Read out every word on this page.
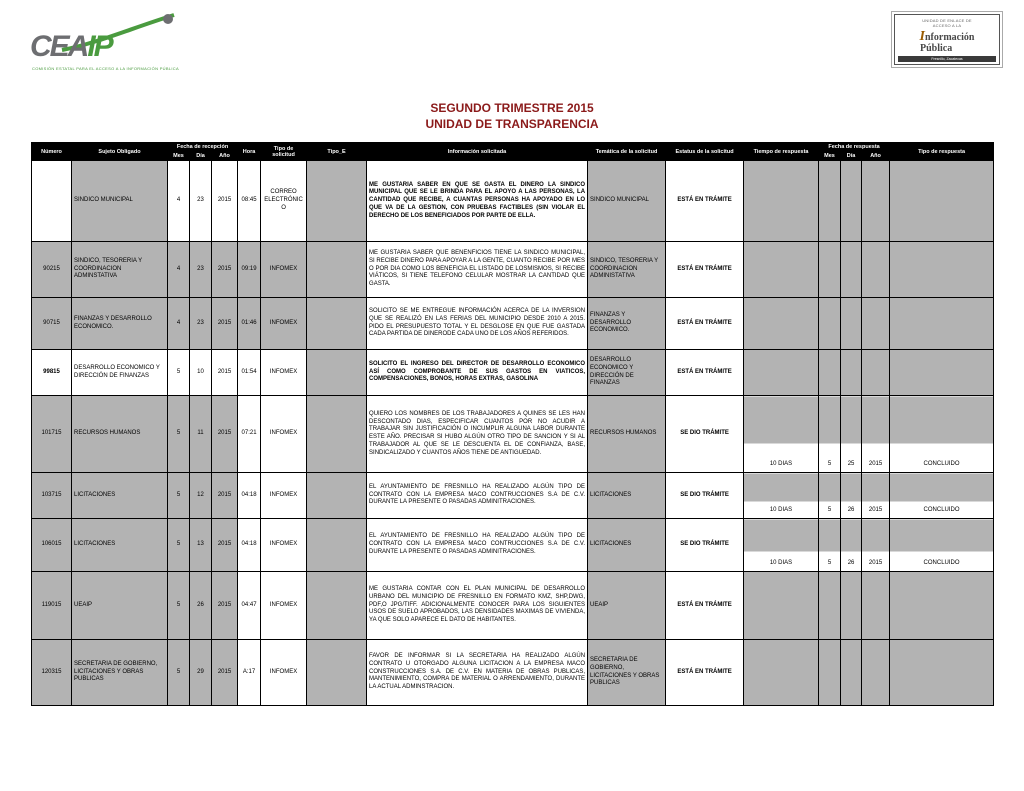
CEAIP
COMISIÓN ESTATAL PARA EL ACCESO A LA INFORMACIÓN PÚBLICA
UNIDAD DE ENLACE DE
ACCESO A LA
Información
Pública
Fresnillo, Zacatecas
SEGUNDO TRIMESTRE 2015
UNIDAD DE TRANSPARENCIA
Número	Sujeto Obligado	Fecha de recepción			Hora	Tipo de solicitud	Tipo_E	Información solicitada	Temática de la solicitud	Estatus de la solicitud	Tiempo de respuesta	Fecha de respuesta			Tipo de respuesta
		Mes	Día	Año								Mes	Día	Año	
	SINDICO MUNICIPAL	4	23	2015	08:45	CORREO ELECTRÓNICO		ME GUSTARIA SABER EN QUE SE GASTA EL DINERO LA SINDICO MUNICIPAL QUE SE LE BRINDA PARA EL APOYO A LAS PERSONAS, LA CANTIDAD QUE RECIBE, A CUANTAS PERSONAS HA APOYADO EN LO QUE VA DE LA GESTION, CON PRUEBAS FACTIBLES (SIN VIOLAR EL DERECHO DE LOS BENEFICIADOS POR PARTE DE ELLA.	SINDICO MUNICIPAL	ESTÁ EN TRÁMITE					
90215	SINDICO, TESORERIA Y COORDINACION ADMINSTATIVA	4	23	2015	09:19	INFOMEX		ME GUSTARIA SABER QUE BENENFICIOS TIENE LA SINDICO MUNICIPAL, SI RECIBE DINERO PARA APOYAR A LA GENTE, CUANTO RECIBE POR MES O POR DIA COMO LOS BENEFICIA EL LISTADO DE LOSMISMOS, SI RECIBE VIÁTICOS, SI TIENE TELEFONO CELULAR MOSTRAR LA CANTIDAD QUE GASTA.	SINDICO, TESORERIA Y COORDINACION ADMINISTATIVA	ESTÁ EN TRÁMITE					
90715	FINANZAS Y DESARROLLO ECONOMICO.	4	23	2015	01:46	INFOMEX		SOLICITO SE ME ENTREGUE INFORMACIÓN ACERCA DE LA INVERSION QUE SE REALIZÓ EN LAS FERIAS DEL MUNICIPIO DESDE 2010 A 2015. PIDO EL PRESUPUESTO TOTAL Y EL DESGLOSE EN QUE FUE GASTADA CADA PARTIDA DE DINERODE CADA UNO DE LOS AÑOS REFERIDOS.	FINANZAS Y DESARROLLO ECONOMICO.	ESTÁ EN TRÁMITE					
99815	DESARROLLO ECONOMICO Y DIRECCIÓN DE FINANZAS	5	10	2015	01:54	INFOMEX		SOLICITO EL INGRESO DEL DIRECTOR DE DESARROLLO ECONOMICO ASÍ COMO COMPROBANTE DE SUS GASTOS EN VIATICOS, COMPENSACIONES, BONOS, HORAS EXTRAS, GASOLINA	DESARROLLO ECONOMICO Y DIRECCIÓN DE FINANZAS	ESTÁ EN TRÁMITE					
101715	RECURSOS HUMANOS	5	11	2015	07:21	INFOMEX		QUIERO LOS NOMBRES DE LOS TRABAJADORES A QUINES SE LES HAN DESCONTADO DIAS, ESPECIFICAR CUANTOS POR NO ACUDIR A TRABAJAR SIN JUSTIFICACIÓN O INCUMPLIR ALGUNA LABOR DURANTE ESTE AÑO. PRECISAR SI HUBO ALGÚN OTRO TIPO DE SANCION Y SI AL TRABAJADOR AL QUE SE LE DESCUENTA EL DE CONFIANZA, BASE, SINDICALIZADO Y CUANTOS AÑOS TIENE DE ANTIGUEDAD.	RECURSOS HUMANOS	SE DIO TRÁMITE	10 DIAS	5	25	2015	CONCLUIDO
103715	LICITACIONES	5	12	2015	04:18	INFOMEX		EL AYUNTAMIENTO DE FRESNILLO HA REALIZADO ALGÚN TIPO DE CONTRATO CON LA EMPRESA MACO CONTRUCCIONES S.A DE C.V. DURANTE LA PRESENTE O PASADAS ADMINITRACIONES.	LICITACIONES	SE DIO TRÁMITE	10 DIAS	5	26	2015	CONCLUIDO
106015	LICITACIONES	5	13	2015	04:18	INFOMEX		EL AYUNTAMIENTO DE FRESNILLO HA REALIZADO ALGÚN TIPO DE CONTRATO CON LA EMPRESA MACO CONTRUCCIONES S.A DE C.V. DURANTE LA PRESENTE O PASADAS ADMINITRACIONES.	LICITACIONES	SE DIO TRÁMITE	10 DIAS	5	26	2015	CONCLUIDO
119015	UEAIP	5	26	2015	04:47	INFOMEX		ME GUSTARIA CONTAR CON EL PLAN MUNICIPAL DE DESARROLLO URBANO DEL MUNICIPIO DE FRESNILLO EN FORMATO KMZ, SHP,DWG, PDF,O JPG/TIFF. ADICIONALMENTE CONOCER PARA LOS SIGUIENTES USOS DE SUELO APROBADOS, LAS DENSIDADES MAXIMAS DE VIVIENDA, YA QUE SOLO APARECE EL DATO DE HABITANTES.	UEAIP	ESTÁ EN TRÁMITE					
120315	SECRETARIA DE GOBIERNO, LICITACIONES Y OBRAS PUBLICAS	5	29	2015	A:17	INFOMEX		FAVOR DE INFORMAR SI LA SECRETARIA HA REALIZADO ALGÚN CONTRATO U OTORGADO ALGUNA LICITACION A LA EMPRESA MACO CONSTRUCCIONES S.A. DE C.V. EN MATERIA DE OBRAS PUBLICAS, MANTENIMIENTO, COMPRA DE MATERIAL O ARRENDAMIENTO, DURANTE LA ACTUAL ADMINSTRACION.	SECRETARIA DE GOBIERNO, LICITACIONES Y OBRAS PUBLICAS	ESTÁ EN TRÁMITE					
